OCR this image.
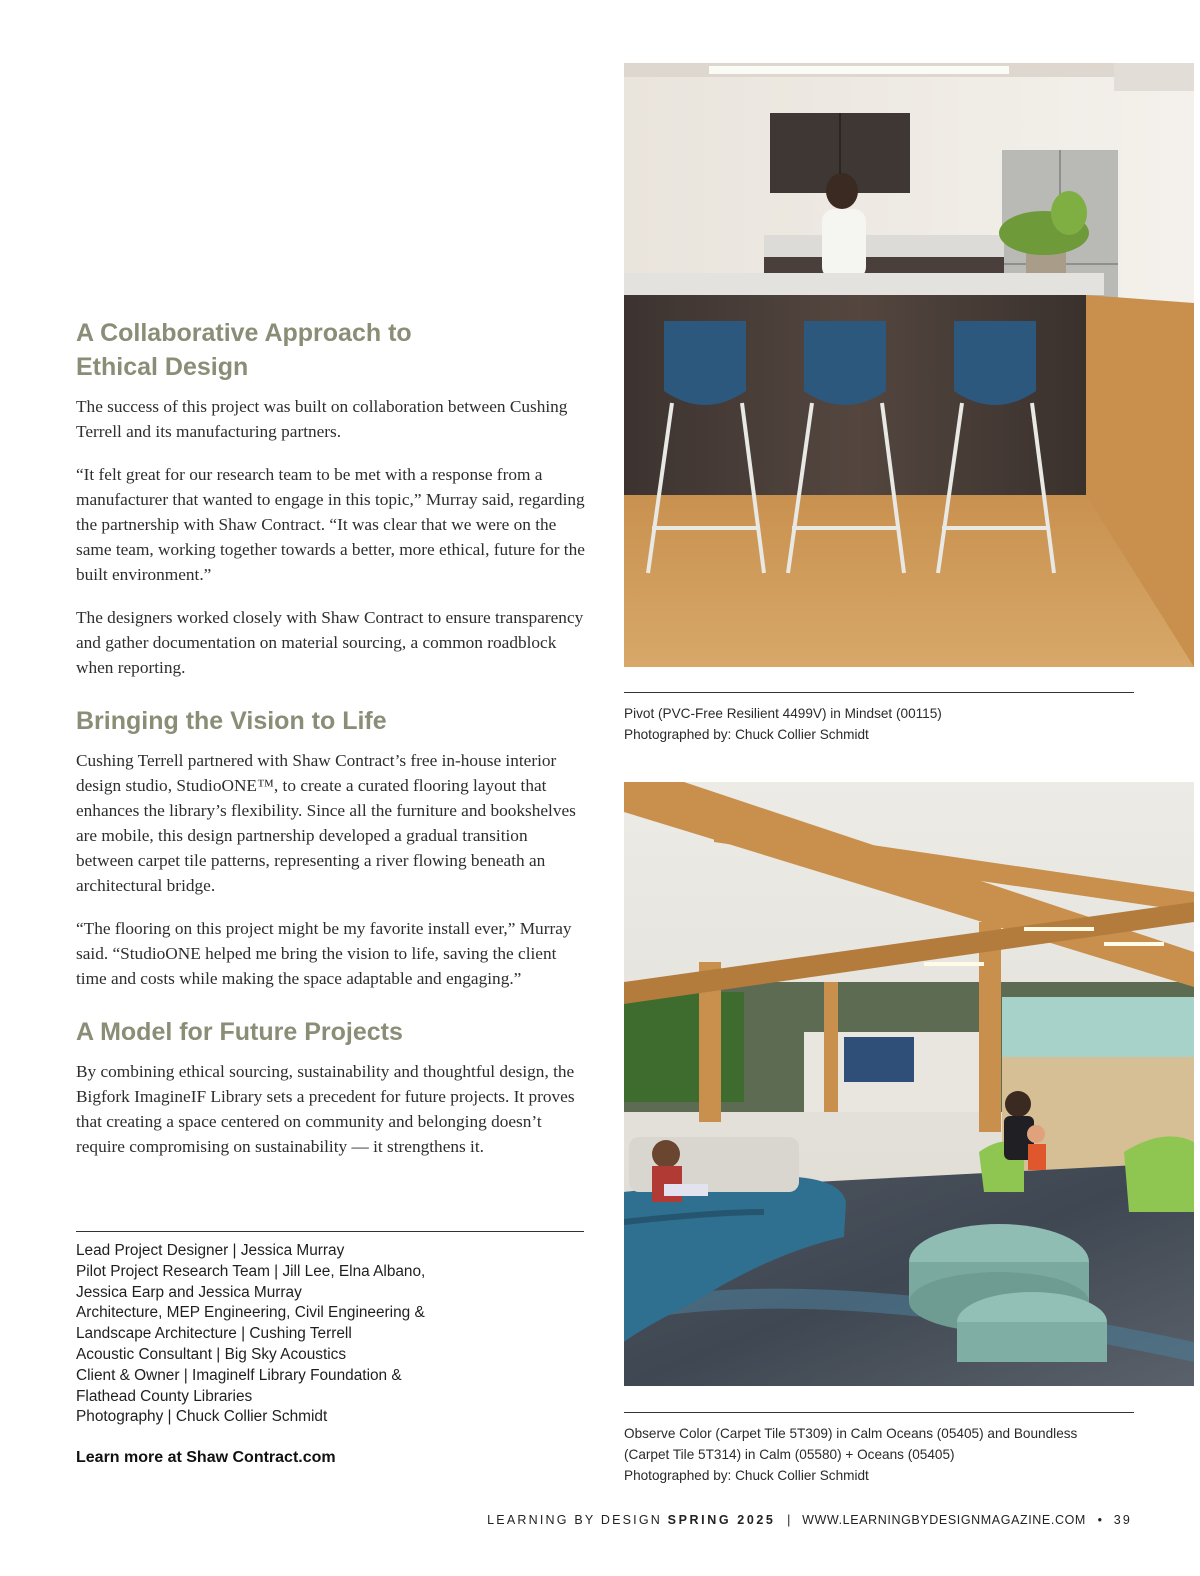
A Collaborative Approach to
Ethical Design

The success of this project was built on collaboration between Cushing Terrell and its manufacturing partners.

“It felt great for our research team to be met with a response from a manufacturer that wanted to engage in this topic,” Murray said, regarding the partnership with Shaw Contract. “It was clear that we were on the same team, working together towards a better, more ethical, future for the built environment.”

The designers worked closely with Shaw Contract to ensure transparency and gather documentation on material sourcing, a common roadblock when reporting.

Bringing the Vision to Life

Cushing Terrell partnered with Shaw Contract’s free in-house interior design studio, StudioONE™, to create a curated flooring layout that enhances the library’s flexibility. Since all the furniture and bookshelves are mobile, this design partnership developed a gradual transition between carpet tile patterns, representing a river flowing beneath an architectural bridge.

“The flooring on this project might be my favorite install ever,” Murray said. “StudioONE helped me bring the vision to life, saving the client time and costs while making the space adaptable and engaging.”

A Model for Future Projects

By combining ethical sourcing, sustainability and thoughtful design, the Bigfork ImagineIF Library sets a precedent for future projects. It proves that creating a space centered on community and belonging doesn’t require compromising on sustainability — it strengthens it.

Lead Project Designer | Jessica Murray
Pilot Project Research Team | Jill Lee, Elna Albano,
Jessica Earp and Jessica Murray
Architecture, MEP Engineering, Civil Engineering &
Landscape Architecture | Cushing Terrell
Acoustic Consultant | Big Sky Acoustics
Client & Owner | Imaginelf Library Foundation &
Flathead County Libraries
Photography | Chuck Collier Schmidt
Learn more at Shaw Contract.com
Pivot (PVC-Free Resilient 4499V) in Mindset (00115)
Photographed by: Chuck Collier Schmidt
Observe Color (Carpet Tile 5T309) in Calm Oceans (05405) and Boundless
(Carpet Tile 5T314) in Calm (05580) + Oceans (05405)
Photographed by: Chuck Collier Schmidt
LEARNING BY DESIGN SPRING 2025 | WWW.LEARNINGBYDESIGNMAGAZINE.COM • 39
